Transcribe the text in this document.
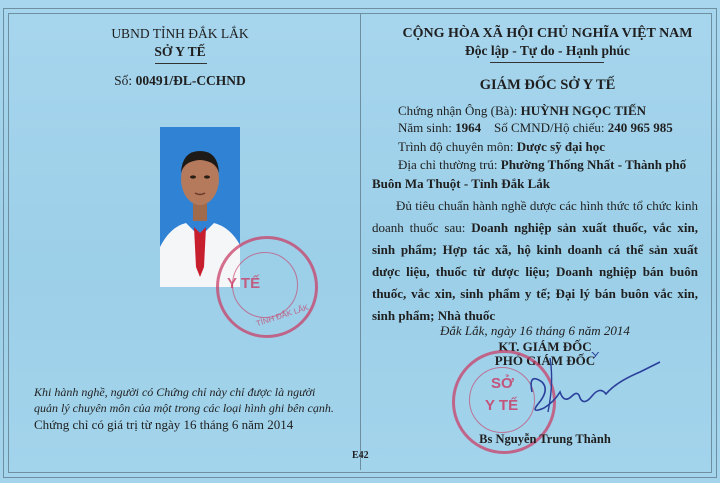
UBND TỈNH ĐẮK LẮK
SỞ Y TẾ
Số: 00491/ĐL-CCHND
Y TẾ
TỈNH ĐẮK LẮK
Khi hành nghề, người có Chứng chỉ này chỉ được là người quản lý chuyên môn của một trong các loại hình ghi bên cạnh.
Chứng chỉ có giá trị từ ngày 16 tháng 6 năm 2014
E42
CỘNG HÒA XÃ HỘI CHỦ NGHĨA VIỆT NAM
Độc lập - Tự do - Hạnh phúc
GIÁM ĐỐC SỞ Y TẾ
Chứng nhận Ông (Bà): HUỲNH NGỌC TIẾN
Năm sinh: 1964 Số CMND/Hộ chiếu: 240 965 985
Trình độ chuyên môn: Dược sỹ đại học
Địa chỉ thường trú: Phường Thống Nhất - Thành phố
Buôn Ma Thuột - Tỉnh Đắk Lắk
Đủ tiêu chuẩn hành nghề dược các hình thức tổ chức kinh doanh thuốc sau: Doanh nghiệp sản xuất thuốc, vắc xin, sinh phẩm; Hợp tác xã, hộ kinh doanh cá thể sản xuất dược liệu, thuốc từ dược liệu; Doanh nghiệp bán buôn thuốc, vắc xin, sinh phẩm y tế; Đại lý bán buôn vắc xin, sinh phẩm; Nhà thuốc
Đắk Lắk, ngày 16 tháng 6 năm 2014
KT. GIÁM ĐỐC
PHÓ GIÁM ĐỐC
SỞ
Y TẾ
Bs Nguyễn Trung Thành
